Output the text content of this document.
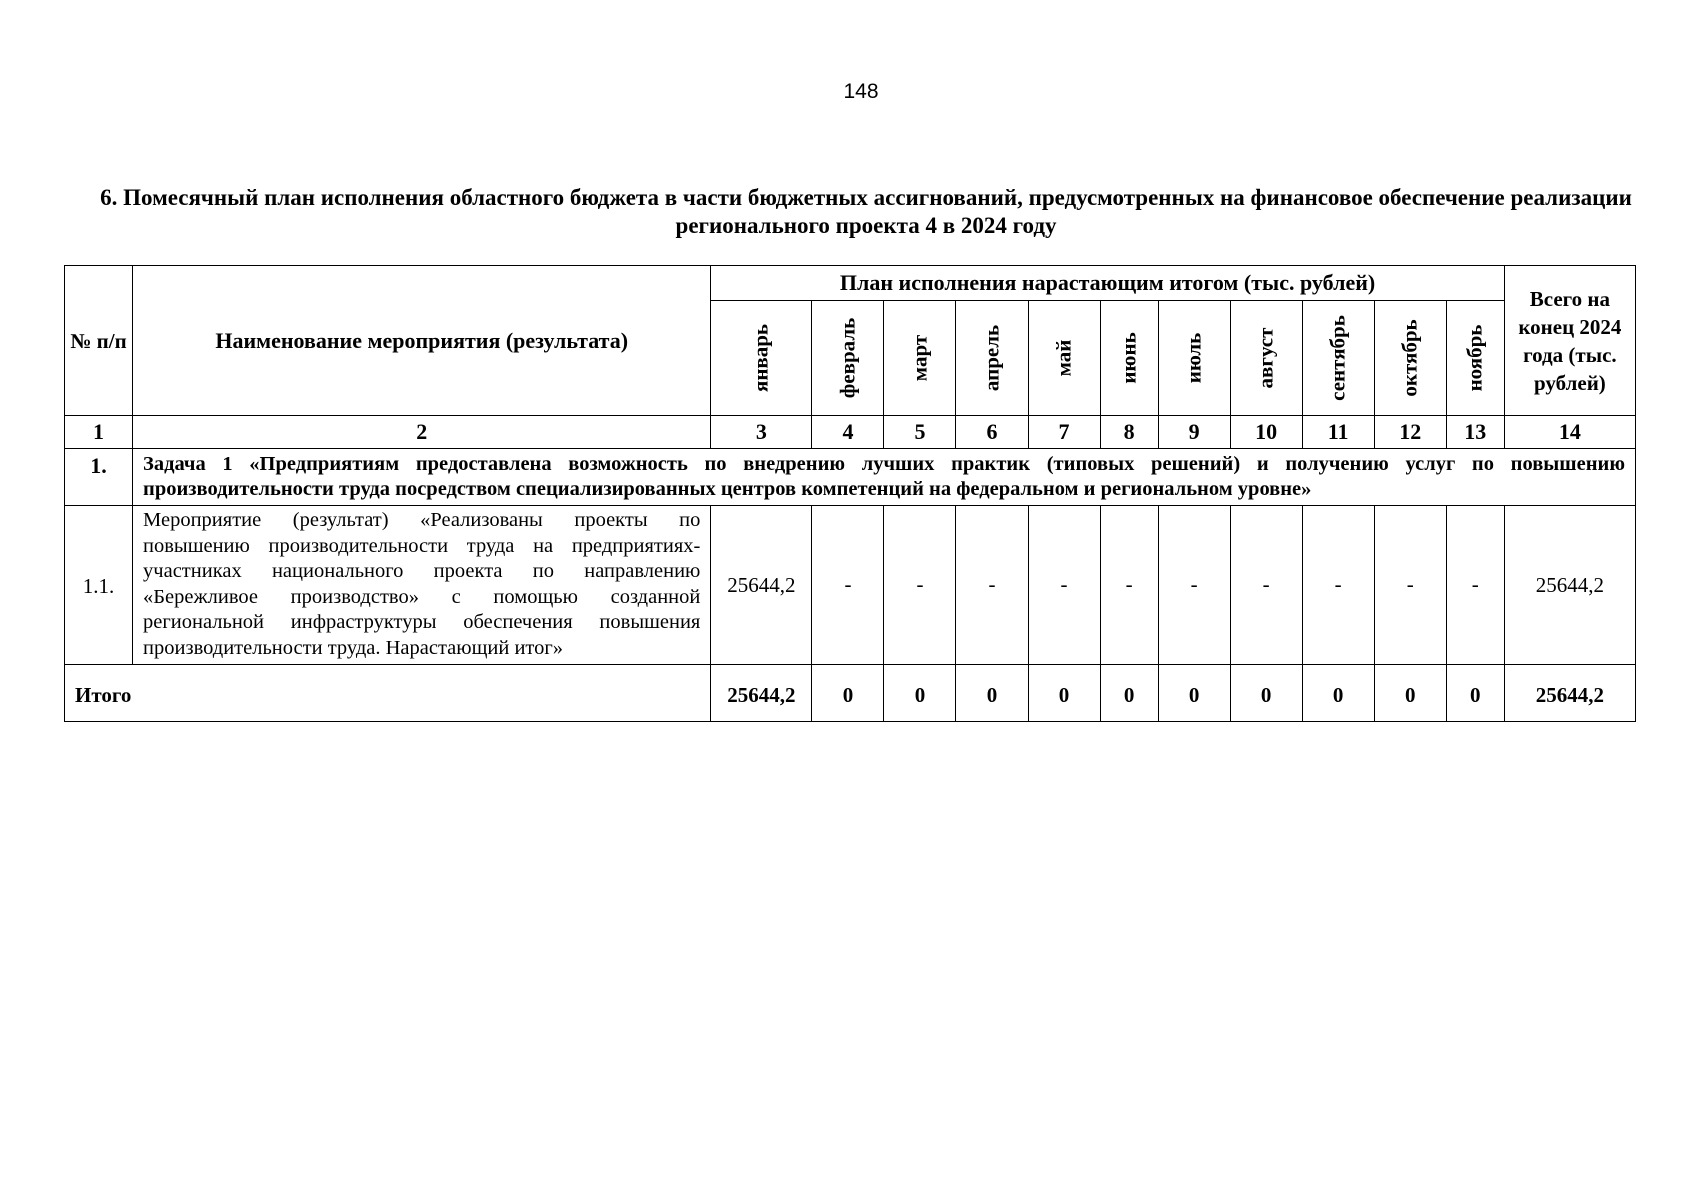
148
6. Помесячный план исполнения областного бюджета в части бюджетных ассигнований, предусмотренных на финансовое обеспечение реализации регионального проекта 4 в 2024 году
№ п/п	Наименование мероприятия (результата)	План исполнения нарастающим итогом (тыс. рублей)											Всего на конец 2024 года (тыс. рублей)

		январь	февраль	март	апрель	май	июнь	июль	август	сентябрь	октябрь	ноябрь	

1	2	3	4	5	6	7	8	9	10	11	12	13	14
1.	Задача 1 «Предприятиям предоставлена возможность по внедрению лучших практик (типовых решений) и получению услуг по повышению производительности труда посредством специализированных центров компетенций на федеральном и региональном уровне»												
1.1.	Мероприятие (результат) «Реализованы проекты по повышению производительности труда на предприятиях-участниках национального проекта по направлению «Бережливое производство» с помощью созданной региональной инфраструктуры обеспечения повышения производительности труда. Нарастающий итог»	25644,2	-	-	-	-	-	-	-	-	-	-	25644,2
Итого		25644,2	0	0	0	0	0	0	0	0	0	0	25644,2
